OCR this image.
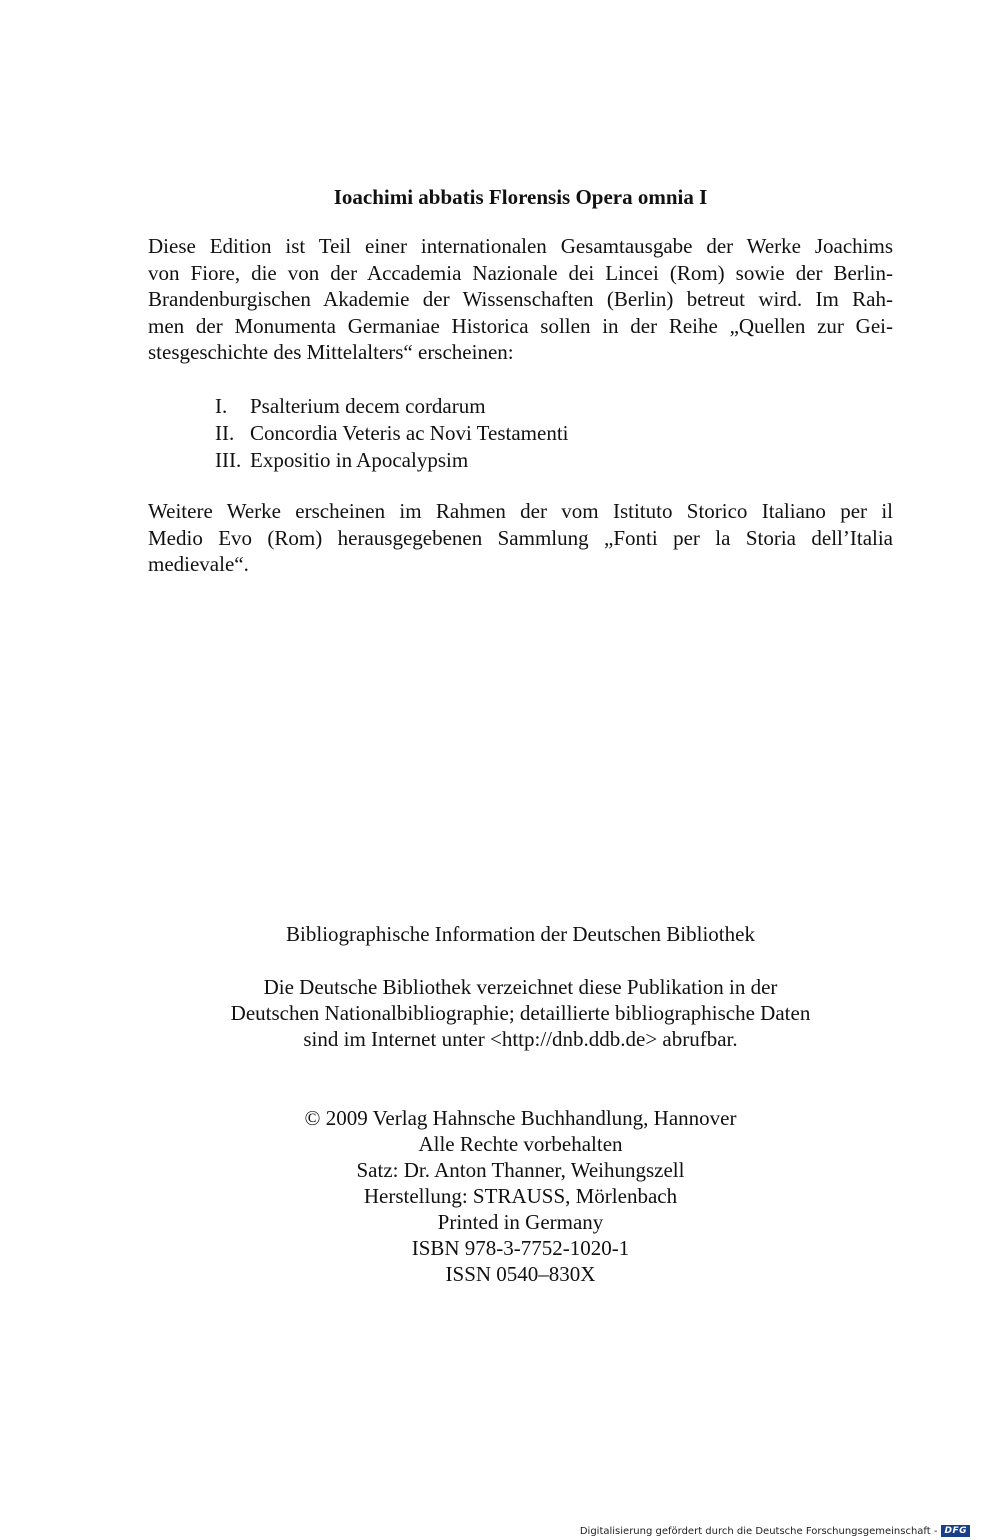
Ioachimi abbatis Florensis Opera omnia I
Diese Edition ist Teil einer internationalen Gesamtausgabe der Werke Joachims
von Fiore, die von der Accademia Nazionale dei Lincei (Rom) sowie der Berlin-
Brandenburgischen Akademie der Wissenschaften (Berlin) betreut wird. Im Rah-
men der Monumenta Germaniae Historica sollen in der Reihe „Quellen zur Gei-
stesgeschichte des Mittelalters“ erscheinen:
I.	Psalterium decem cordarum
II. Concordia Veteris ac Novi Testamenti
III. Expositio in Apocalypsim
Weitere Werke erscheinen im Rahmen der vom Istituto Storico Italiano per il
Medio Evo (Rom) herausgegebenen Sammlung „Fonti per la Storia dell’Italia
medievale“.
Bibliographische Information der Deutschen Bibliothek
Die Deutsche Bibliothek verzeichnet diese Publikation in der
Deutschen Nationalbibliographie; detaillierte bibliographische Daten
sind im Internet unter <http://dnb.ddb.de> abrufbar.
© 2009 Verlag Hahnsche Buchhandlung, Hannover
Alle Rechte vorbehalten
Satz: Dr. Anton Thanner, Weihungszell
Herstellung: STRAUSS, Mörlenbach
Printed in Germany
ISBN 978-3-7752-1020-1
ISSN 0540–830X
Digitalisierung gefördert durch die Deutsche Forschungsgemeinschaft - DFG
